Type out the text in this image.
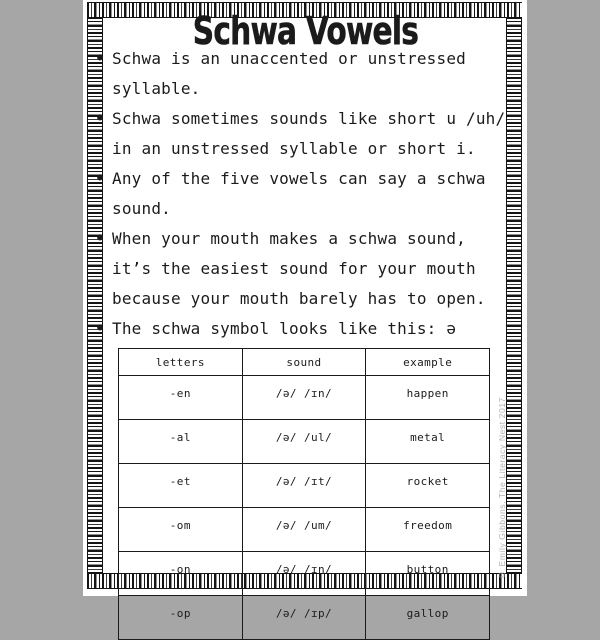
Schwa Vowels
• Schwa is an unaccented or unstressed syllable.
• Schwa sometimes sounds like short u /uh/ in an unstressed syllable or short i.
• Any of the five vowels can say a schwa sound.
• When your mouth makes a schwa sound, it’s the easiest sound for your mouth because your mouth barely has to open.
• The schwa symbol looks like this: ə
letters	sound	example
-en	/ə/ /ɪn/	happen
-al	/ə/ /ul/	metal
-et	/ə/ /ɪt/	rocket
-om	/ə/ /um/	freedom
-on	/ə/ /ɪn/	button
-op	/ə/ /ɪp/	gallop
© Emily Gibbons, The Literacy Nest 2017
